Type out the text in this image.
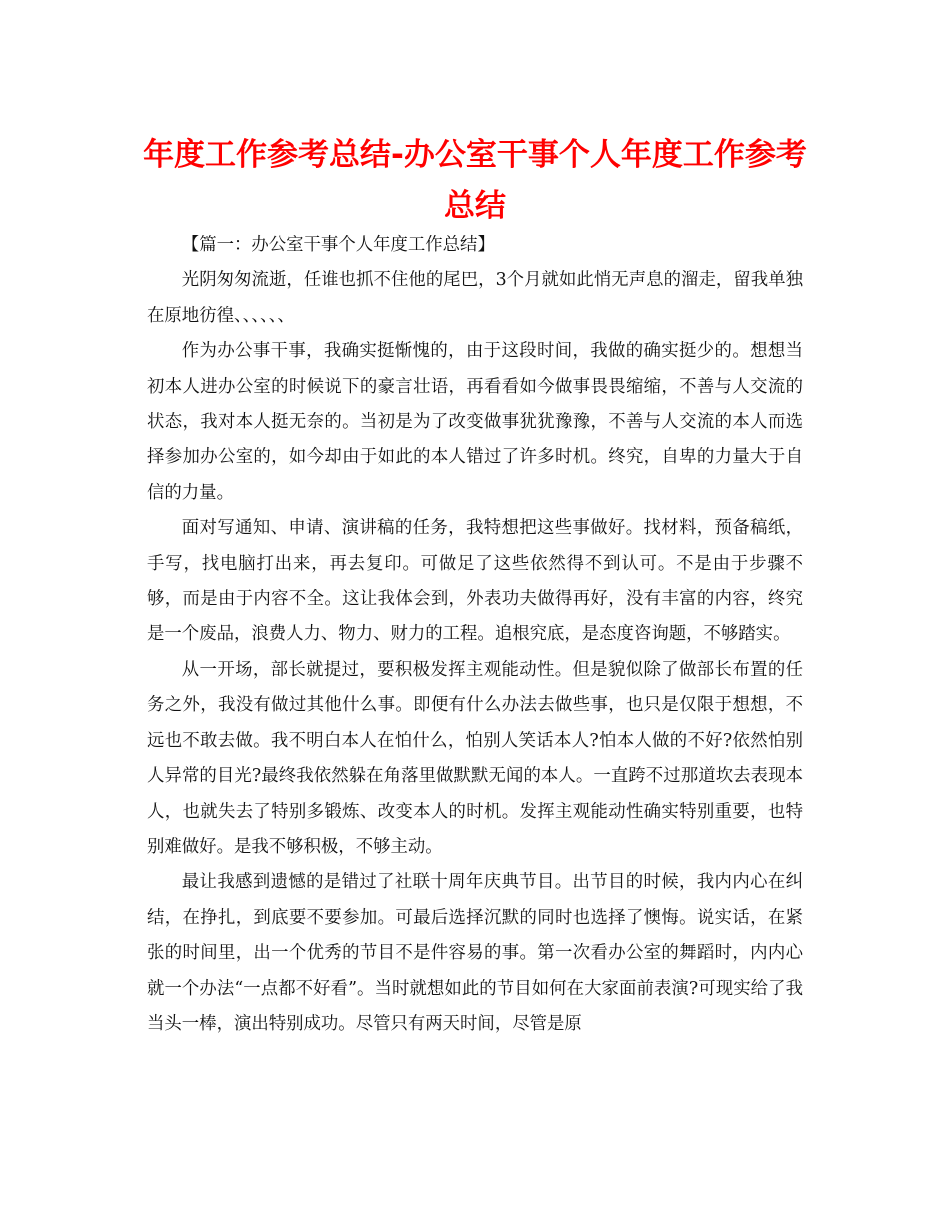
年度工作参考总结-办公室干事个人年度工作参考总结

【篇一：办公室干事个人年度工作总结】

光阴匆匆流逝，任谁也抓不住他的尾巴，3个月就如此悄无声息的溜走，留我单独在原地彷徨、、、、、、

作为办公事干事，我确实挺惭愧的，由于这段时间，我做的确实挺少的。想想当初本人进办公室的时候说下的豪言壮语，再看看如今做事畏畏缩缩，不善与人交流的状态，我对本人挺无奈的。当初是为了改变做事犹犹豫豫，不善与人交流的本人而选择参加办公室的，如今却由于如此的本人错过了许多时机。终究，自卑的力量大于自信的力量。

面对写通知、申请、演讲稿的任务，我特想把这些事做好。找材料，预备稿纸，手写，找电脑打出来，再去复印。可做足了这些依然得不到认可。不是由于步骤不够，而是由于内容不全。这让我体会到，外表功夫做得再好，没有丰富的内容，终究是一个废品，浪费人力、物力、财力的工程。追根究底，是态度咨询题，不够踏实。

从一开场，部长就提过，要积极发挥主观能动性。但是貌似除了做部长布置的任务之外，我没有做过其他什么事。即便有什么办法去做些事，也只是仅限于想想，不远也不敢去做。我不明白本人在怕什么，怕别人笑话本人?怕本人做的不好?依然怕别人异常的目光?最终我依然躲在角落里做默默无闻的本人。一直跨不过那道坎去表现本人，也就失去了特别多锻炼、改变本人的时机。发挥主观能动性确实特别重要，也特别难做好。是我不够积极，不够主动。

最让我感到遗憾的是错过了社联十周年庆典节目。出节目的时候，我内内心在纠结，在挣扎，到底要不要参加。可最后选择沉默的同时也选择了懊悔。说实话，在紧张的时间里，出一个优秀的节目不是件容易的事。第一次看办公室的舞蹈时，内内心就一个办法“一点都不好看”。当时就想如此的节目如何在大家面前表演?可现实给了我当头一棒，演出特别成功。尽管只有两天时间，尽管是原
